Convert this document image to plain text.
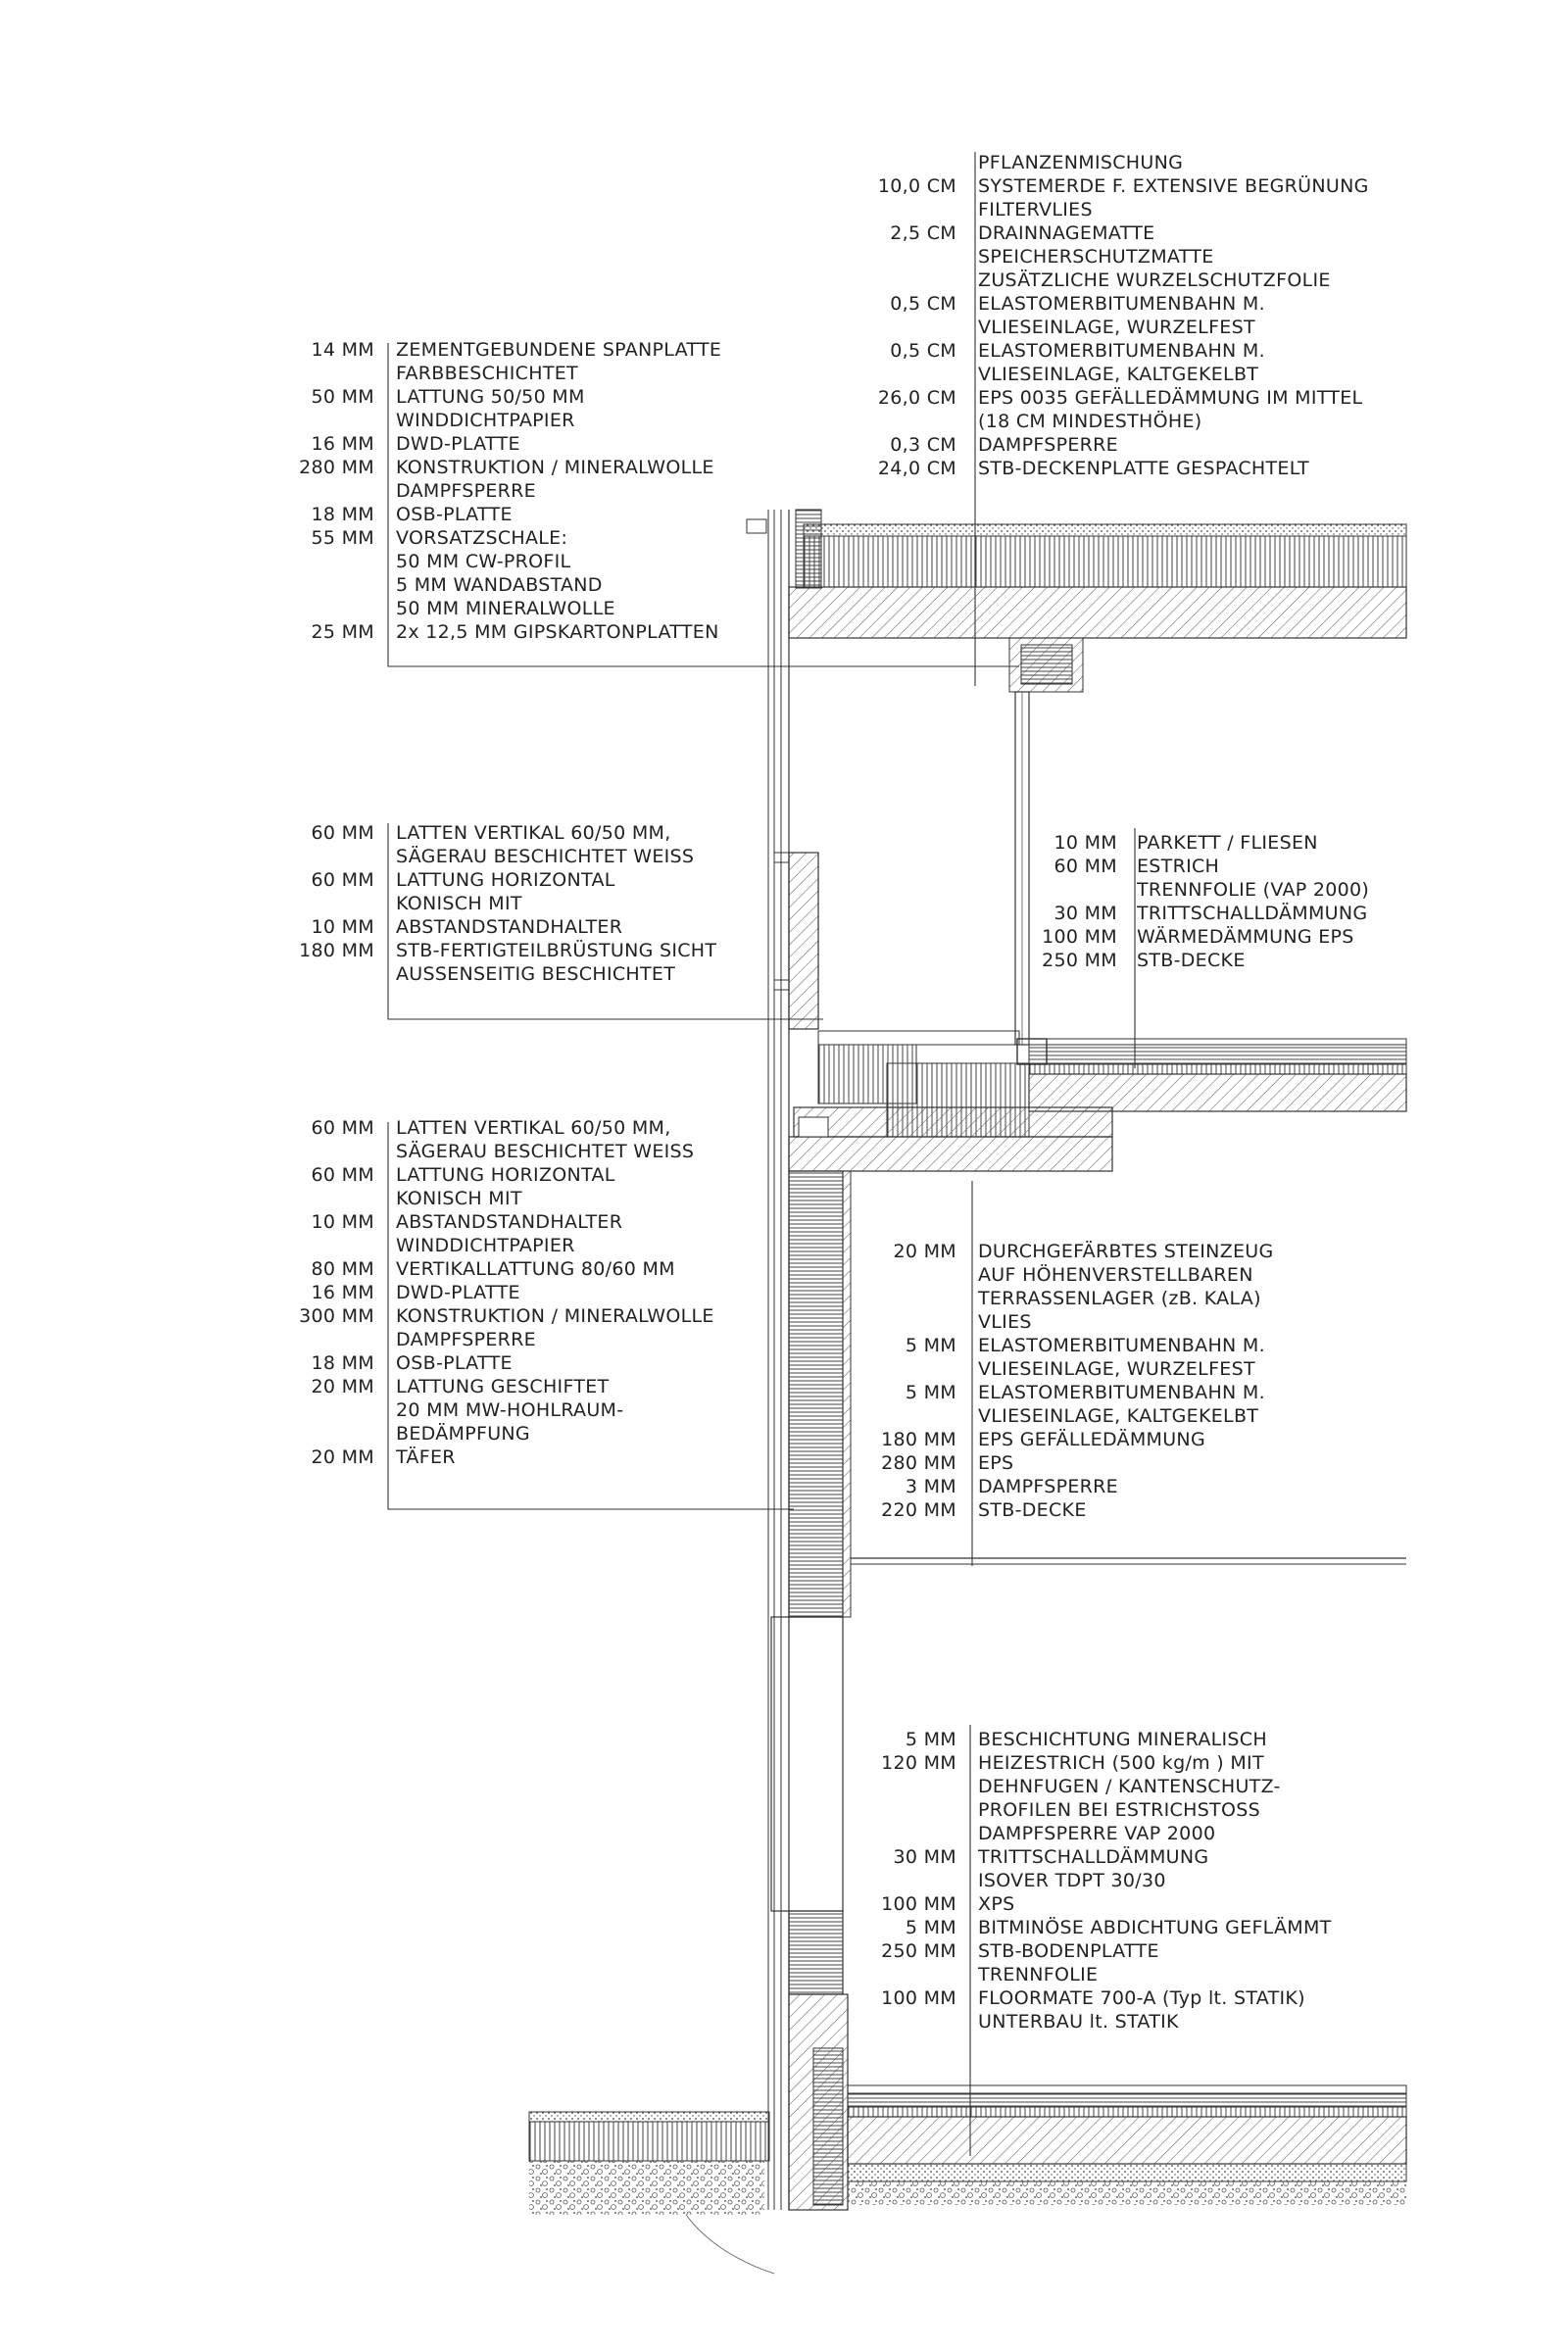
PFLANZENMISCHUNG
10,0 CM SYSTEMERDE F. EXTENSIVE BEGRÜNUNG
FILTERVLIES
2,5 CM DRAINNAGEMATTE
SPEICHERSCHUTZMATTE
ZUSÄTZLICHE WURZELSCHUTZFOLIE
0,5 CM ELASTOMERBITUMENBAHN M.
VLIESEINLAGE, WURZELFEST
0,5 CM ELASTOMERBITUMENBAHN M.
VLIESEINLAGE, KALTGEKELBT
26,0 CM EPS 0035 GEFÄLLEDÄMMUNG IM MITTEL
(18 CM MINDESTHÖHE)
0,3 CM DAMPFSPERRE
24,0 CM STB-DECKENPLATTE GESPACHTELT
14 MM ZEMENTGEBUNDENE SPANPLATTE
FARBBESCHICHTET
50 MM LATTUNG 50/50 MM
WINDDICHTPAPIER
16 MM DWD-PLATTE
280 MM KONSTRUKTION / MINERALWOLLE
DAMPFSPERRE
18 MM OSB-PLATTE
55 MM VORSATZSCHALE:
50 MM CW-PROFIL
5 MM WANDABSTAND
50 MM MINERALWOLLE
25 MM 2x 12,5 MM GIPSKARTONPLATTEN
60 MM LATTEN VERTIKAL 60/50 MM,
SÄGERAU BESCHICHTET WEISS
60 MM LATTUNG HORIZONTAL
KONISCH MIT
10 MM ABSTANDSTANDHALTER
180 MM STB-FERTIGTEILBRÜSTUNG SICHT
AUSSENSEITIG BESCHICHTET
10 MM PARKETT / FLIESEN
60 MM ESTRICH
TRENNFOLIE (VAP 2000)
30 MM TRITTSCHALLDÄMMUNG
100 MM WÄRMEDÄMMUNG EPS
250 MM STB-DECKE
60 MM LATTEN VERTIKAL 60/50 MM,
SÄGERAU BESCHICHTET WEISS
60 MM LATTUNG HORIZONTAL
KONISCH MIT
10 MM ABSTANDSTANDHALTER
WINDDICHTPAPIER
80 MM VERTIKALLATTUNG 80/60 MM
16 MM DWD-PLATTE
300 MM KONSTRUKTION / MINERALWOLLE
DAMPFSPERRE
18 MM OSB-PLATTE
20 MM LATTUNG GESCHIFTET
20 MM MW-HOHLRAUM-
BEDÄMPFUNG
20 MM TÄFER
20 MM DURCHGEFÄRBTES STEINZEUG
AUF HÖHENVERSTELLBAREN
TERRASSENLAGER (zB. KALA)
VLIES
5 MM ELASTOMERBITUMENBAHN M.
VLIESEINLAGE, WURZELFEST
5 MM ELASTOMERBITUMENBAHN M.
VLIESEINLAGE, KALTGEKELBT
180 MM EPS GEFÄLLEDÄMMUNG
280 MM EPS
3 MM DAMPFSPERRE
220 MM STB-DECKE
5 MM BESCHICHTUNG MINERALISCH
120 MM HEIZESTRICH (500 kg/m ) MIT
DEHNFUGEN / KANTENSCHUTZ-
PROFILEN BEI ESTRICHSTOSS
DAMPFSPERRE VAP 2000
30 MM TRITTSCHALLDÄMMUNG
ISOVER TDPT 30/30
100 MM XPS
5 MM BITMINÖSE ABDICHTUNG GEFLÄMMT
250 MM STB-BODENPLATTE
TRENNFOLIE
100 MM FLOORMATE 700-A (Typ lt. STATIK)
UNTERBAU lt. STATIK
